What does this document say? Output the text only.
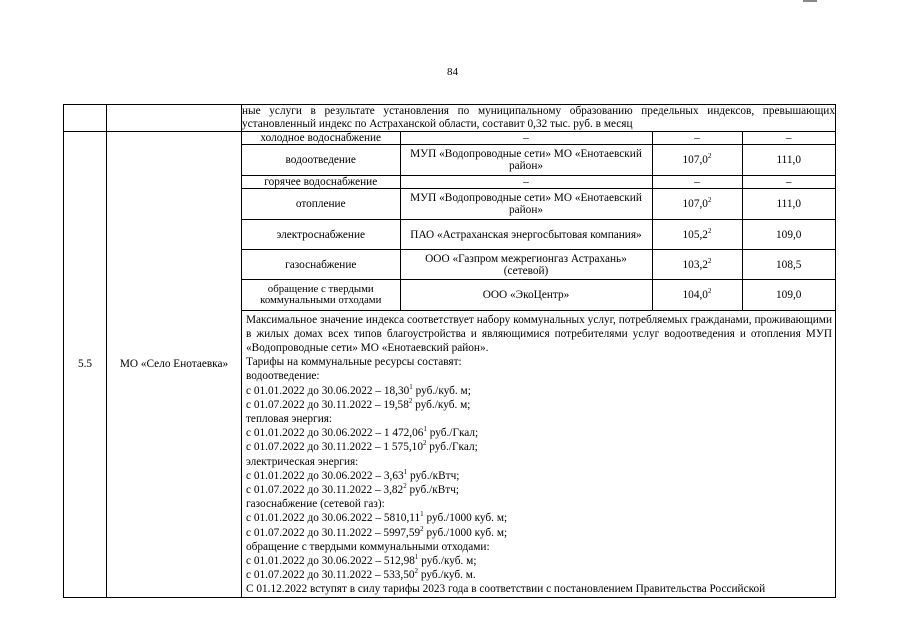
84
		ные услуги в результате установления по муниципальному образованию предельных индексов, превышающих установленный индекс по Астраханской области, составит 0,32 тыс. руб. в месяц
5.5	МО «Село Енотаевка»	
холодное водоснабжение	–	–	–
водоотведение	МУП «Водопроводные сети» МО «Енотаевский район»	107,0$^2$	111,0
горячее водоснабжение	–	–	–
отопление	МУП «Водопроводные сети» МО «Енотаевский район»	107,0$^2$	111,0
электроснабжение	ПАО «Астраханская энергосбытовая компания»	105,2$^2$	109,0
газоснабжение	ООО «Газпром межрегионгаз Астрахань» (сетевой)	103,2$^2$	108,5
обращение с твердыми коммунальными отходами	ООО «ЭкоЦентр»	104,0$^2$	109,0

Максимальное значение индекса соответствует набору коммунальных услуг, потребляемых гражданами, проживающими в жилых домах всех типов благоустройства и являющимися потребителями услуг водоотведения и отопления МУП «Водопроводные сети» МО «Енотаевский район».

Тарифы на коммунальные ресурсы составят:

водоотведение:

с 01.01.2022 до 30.06.2022 – 18,30$^1$ руб./куб. м;

с 01.07.2022 до 30.11.2022 – 19,58$^2$ руб./куб. м;

тепловая энергия:

с 01.01.2022 до 30.06.2022 – 1 472,06$^1$ руб./Гкал;

с 01.07.2022 до 30.11.2022 – 1 575,10$^2$ руб./Гкал;

электрическая энергия:

с 01.01.2022 до 30.06.2022 – 3,63$^1$ руб./кВтч;

с 01.07.2022 до 30.11.2022 – 3,82$^2$ руб./кВтч;

газоснабжение (сетевой газ):

с 01.01.2022 до 30.06.2022 – 5810,11$^1$ руб./1000 куб. м;

с 01.07.2022 до 30.11.2022 – 5997,59$^2$ руб./1000 куб. м;

обращение с твердыми коммунальными отходами:

с 01.01.2022 до 30.06.2022 – 512,98$^1$ руб./куб. м;

с 01.07.2022 до 30.11.2022 – 533,50$^2$ руб./куб. м.

С 01.12.2022 вступят в силу тарифы 2023 года в соответствии с постановлением Правительства Российской
